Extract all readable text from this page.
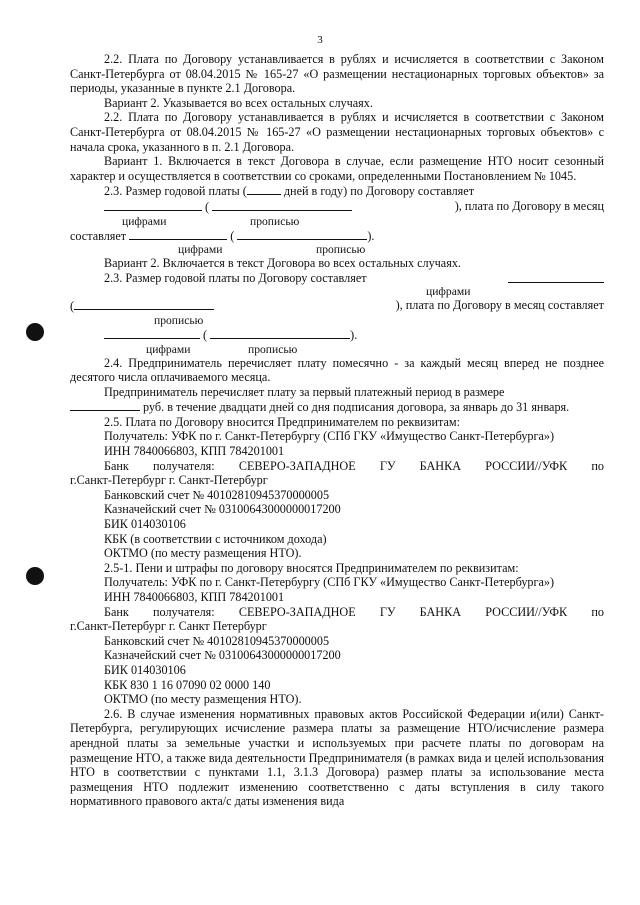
3

2.2. Плата по Договору устанавливается в рублях и исчисляется в соответствии с Законом Санкт-Петербурга от 08.04.2015 № 165-27 «О размещении нестационарных торговых объектов» за периоды, указанные в пункте 2.1 Договора.

Вариант 2. Указывается во всех остальных случаях.

2.2. Плата по Договору устанавливается в рублях и исчисляется в соответствии с Законом Санкт-Петербурга от 08.04.2015 № 165-27 «О размещении нестационарных торговых объектов» с начала срока, указанного в п. 2.1 Договора.

Вариант 1. Включается в текст Договора в случае, если размещение НТО носит сезонный характер и осуществляется в соответствии со сроками, определенными Постановлением № 1045.

2.3. Размер годовой платы (	дней в году) по Договору составляет
(	), плата по Договору в месяц
цифрами	прописью
составляет	(	).
цифрами	прописью

Вариант 2. Включается в текст Договора во всех остальных случаях.

2.3. Размер годовой платы по Договору составляет
цифрами
(	), плата по Договору в месяц составляет
прописью
(	).
цифрами	прописью

2.4. Предприниматель перечисляет плату помесячно - за каждый месяц вперед не позднее десятого числа оплачиваемого месяца.

Предприниматель перечисляет плату за первый платежный период в размере
руб. в течение двадцати дней со дня подписания договора, за январь до 31 января.

2.5. Плата по Договору вносится Предпринимателем по реквизитам:

Получатель: УФК по г. Санкт-Петербургу (СПб ГКУ «Имущество Санкт-Петербурга»)

ИНН 7840066803, КПП 784201001

Банк получателя: СЕВЕРО-ЗАПАДНОЕ ГУ БАНКА РОССИИ//УФК по

г.Санкт-Петербург г. Санкт-Петербург

Банковский счет № 40102810945370000005

Казначейский счет № 03100643000000017200

БИК 014030106

КБК (в соответствии с источником дохода)

ОКТМО (по месту размещения НТО).

2.5-1. Пени и штрафы по договору вносятся Предпринимателем по реквизитам:

Получатель: УФК по г. Санкт-Петербургу (СПб ГКУ «Имущество Санкт-Петербурга»)

ИНН 7840066803, КПП 784201001

Банк получателя: СЕВЕРО-ЗАПАДНОЕ ГУ БАНКА РОССИИ//УФК по

г.Санкт-Петербург г. Санкт Петербург

Банковский счет № 40102810945370000005

Казначейский счет № 03100643000000017200

БИК 014030106

КБК 830 1 16 07090 02 0000 140

ОКТМО (по месту размещения НТО).

2.6. В случае изменения нормативных правовых актов Российской Федерации и(или) Санкт-Петербурга, регулирующих исчисление размера платы за размещение НТО/исчисление размера арендной платы за земельные участки и используемых при расчете платы по договорам на размещение НТО, а также вида деятельности Предпринимателя (в рамках вида и целей использования НТО в соответствии с пунктами 1.1, 3.1.3 Договора) размер платы за использование места размещения НТО подлежит изменению соответственно с даты вступления в силу такого нормативного правового акта/с даты изменения вида
